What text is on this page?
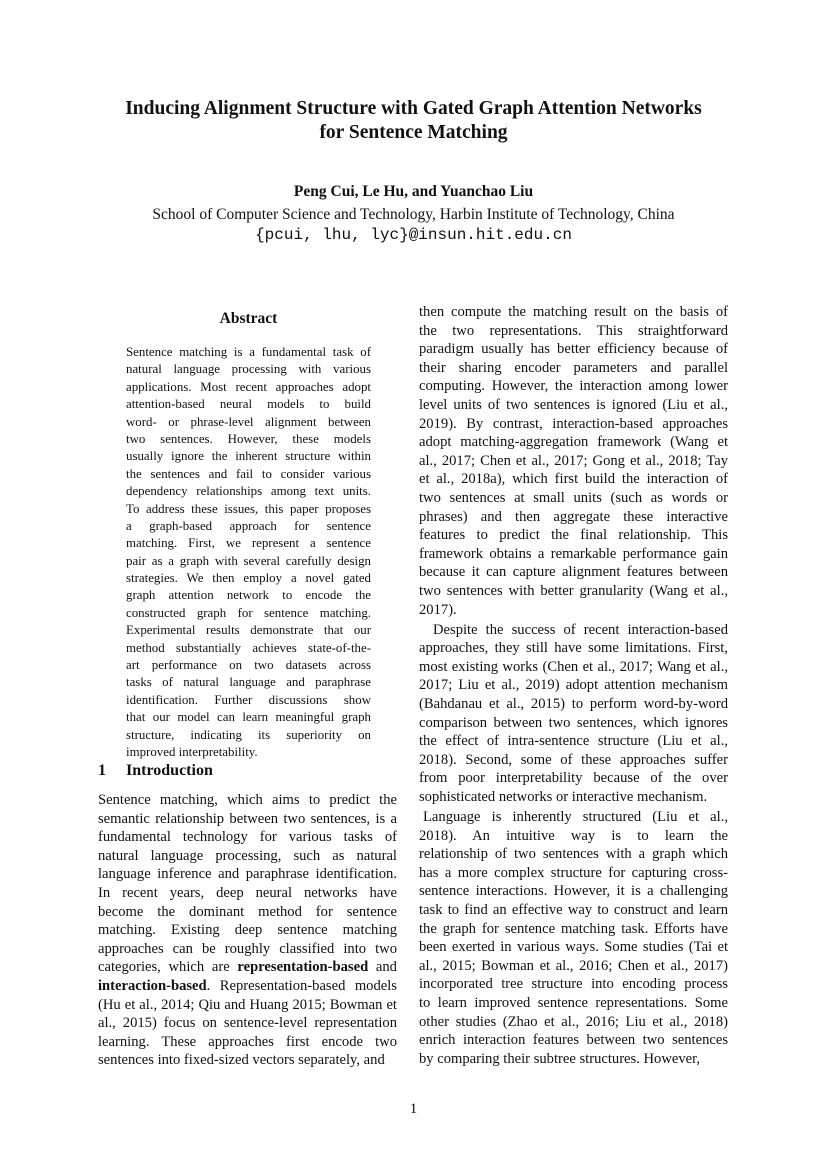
Inducing Alignment Structure with Gated Graph Attention Networks
for Sentence Matching
Peng Cui, Le Hu, and Yuanchao Liu
School of Computer Science and Technology, Harbin Institute of Technology, China
{pcui, lhu, lyc}@insun.hit.edu.cn
Abstract
Sentence matching is a fundamental task of
natural language processing with various
applications. Most recent approaches adopt
attention-based neural models to build
word- or phrase-level alignment between
two sentences. However, these models
usually ignore the inherent structure within
the sentences and fail to consider various
dependency relationships among text units.
To address these issues, this paper proposes
a graph-based approach for sentence
matching. First, we represent a sentence
pair as a graph with several carefully design
strategies. We then employ a novel gated
graph attention network to encode the
constructed graph for sentence matching.
Experimental results demonstrate that our
method substantially achieves state-of-the-
art performance on two datasets across
tasks of natural language and paraphrase
identification. Further discussions show
that our model can learn meaningful graph
structure, indicating its superiority on
improved interpretability.
1 Introduction
Sentence matching, which aims to predict the
semantic relationship between two sentences, is a
fundamental technology for various tasks of
natural language processing, such as natural
language inference and paraphrase identification.
In recent years, deep neural networks have
become the dominant method for sentence
matching. Existing deep sentence matching
approaches can be roughly classified into two
categories, which are representation-based and
interaction-based. Representation-based models
(Hu et al., 2014; Qiu and Huang 2015; Bowman et
al., 2015) focus on sentence-level representation
learning. These approaches first encode two
sentences into fixed-sized vectors separately, and
then compute the matching result on the basis of
the two representations. This straightforward
paradigm usually has better efficiency because of
their sharing encoder parameters and parallel
computing. However, the interaction among lower
level units of two sentences is ignored (Liu et al.,
2019). By contrast, interaction-based approaches
adopt matching-aggregation framework (Wang et
al., 2017; Chen et al., 2017; Gong et al., 2018; Tay
et al., 2018a), which first build the interaction of
two sentences at small units (such as words or
phrases) and then aggregate these interactive
features to predict the final relationship. This
framework obtains a remarkable performance gain
because it can capture alignment features between
two sentences with better granularity (Wang et al.,
2017).
Despite the success of recent interaction-based
approaches, they still have some limitations. First,
most existing works (Chen et al., 2017; Wang et al.,
2017; Liu et al., 2019) adopt attention mechanism
(Bahdanau et al., 2015) to perform word-by-word
comparison between two sentences, which ignores
the effect of intra-sentence structure (Liu et al.,
2018). Second, some of these approaches suffer
from poor interpretability because of the over
sophisticated networks or interactive mechanism.
Language is inherently structured (Liu et al.,
2018). An intuitive way is to learn the
relationship of two sentences with a graph which
has a more complex structure for capturing cross-
sentence interactions. However, it is a challenging
task to find an effective way to construct and learn
the graph for sentence matching task. Efforts have
been exerted in various ways. Some studies (Tai et
al., 2015; Bowman et al., 2016; Chen et al., 2017)
incorporated tree structure into encoding process
to learn improved sentence representations. Some
other studies (Zhao et al., 2016; Liu et al., 2018)
enrich interaction features between two sentences
by comparing their subtree structures. However,
1
